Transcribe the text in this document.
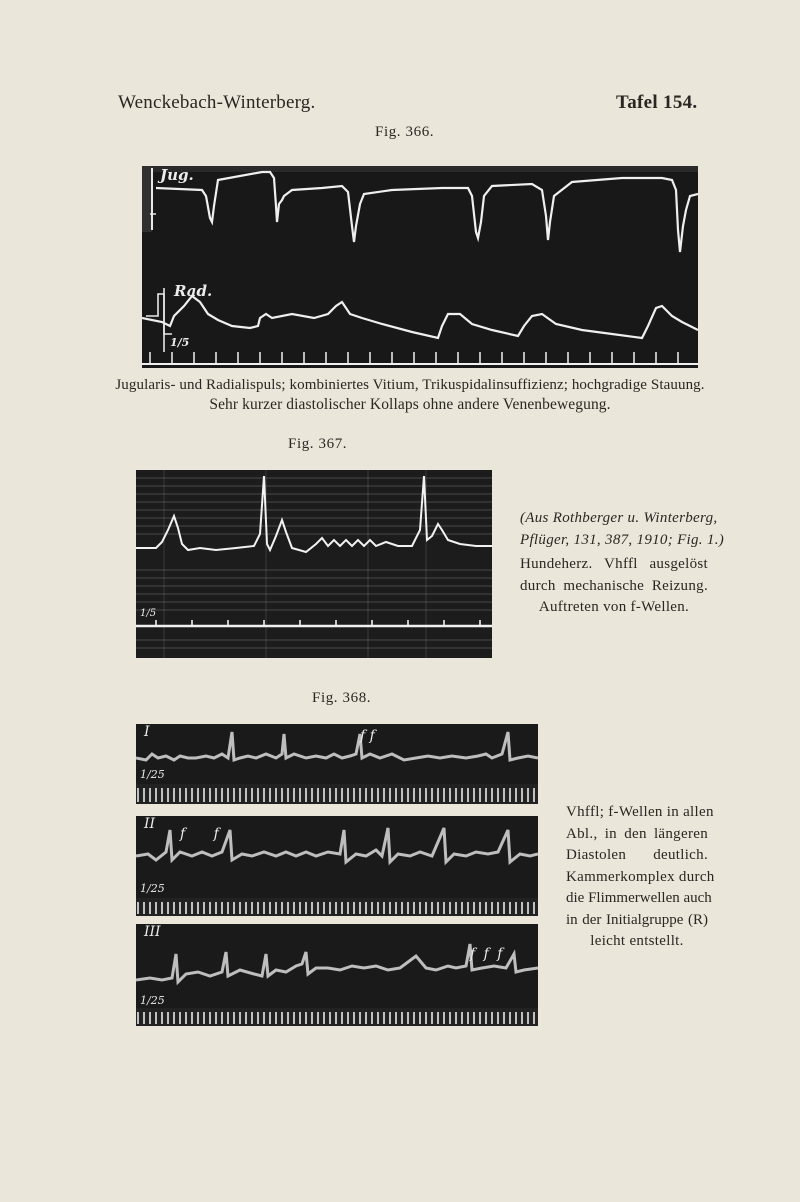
Wenckebach-Winterberg.	Tafel 154.
Fig. 366.
Jug.
Rad.
1/5
Jugularis- und Radialispuls; kombiniertes Vitium, Trikuspidalinsuffizienz; hochgradige Stauung.
Sehr kurzer diastolischer Kollaps ohne andere Venenbewegung.
Fig. 367.
1/5
(Aus Rothberger u. Winterberg,
Pflüger, 131, 387, 1910; Fig. 1.)
Hundeherz. Vhffl ausgelöst
durch mechanische Reizung.
Auftreten von f-Wellen.
Fig. 368.
I
1/25
f f
II
1/25
f f
III
1/25
f f f
Vhffl; f-Wellen in allen
Abl., in den längeren
Diastolen deutlich.
Kammerkomplex durch
die Flimmerwellen auch
in der Initialgruppe (R)
leicht entstellt.
